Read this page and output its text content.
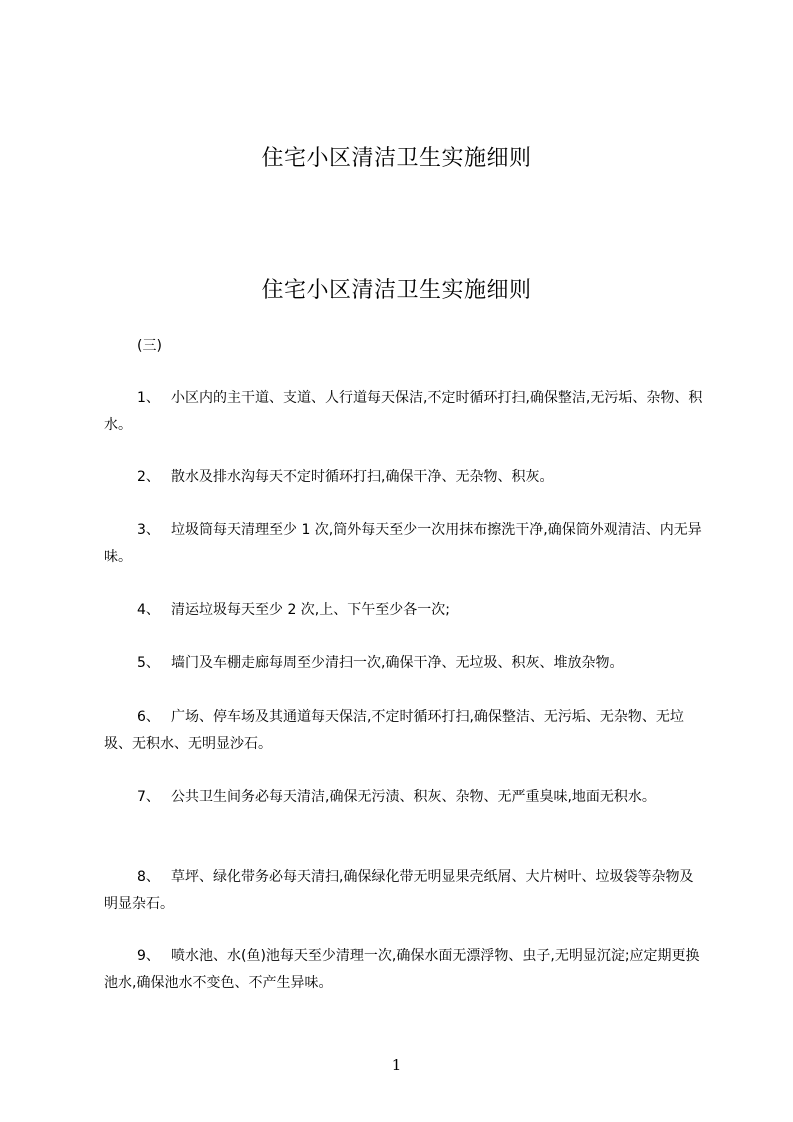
住宅小区清洁卫生实施细则
住宅小区清洁卫生实施细则

(三)

1、 小区内的主干道、支道、人行道每天保洁,不定时循环打扫,确保整洁,无污垢、杂物、积水。

2、 散水及排水沟每天不定时循环打扫,确保干净、无杂物、积灰。

3、 垃圾筒每天清理至少 1 次,筒外每天至少一次用抹布擦洗干净,确保筒外观清洁、内无异味。

4、 清运垃圾每天至少 2 次,上、下午至少各一次;

5、 墙门及车棚走廊每周至少清扫一次,确保干净、无垃圾、积灰、堆放杂物。

6、 广场、停车场及其通道每天保洁,不定时循环打扫,确保整洁、无污垢、无杂物、无垃圾、无积水、无明显沙石。

7、 公共卫生间务必每天清洁,确保无污渍、积灰、杂物、无严重臭味,地面无积水。

8、 草坪、绿化带务必每天清扫,确保绿化带无明显果壳纸屑、大片树叶、垃圾袋等杂物及明显杂石。

9、 喷水池、水(鱼)池每天至少清理一次,确保水面无漂浮物、虫子,无明显沉淀;应定期更换池水,确保池水不变色、不产生异味。

1
